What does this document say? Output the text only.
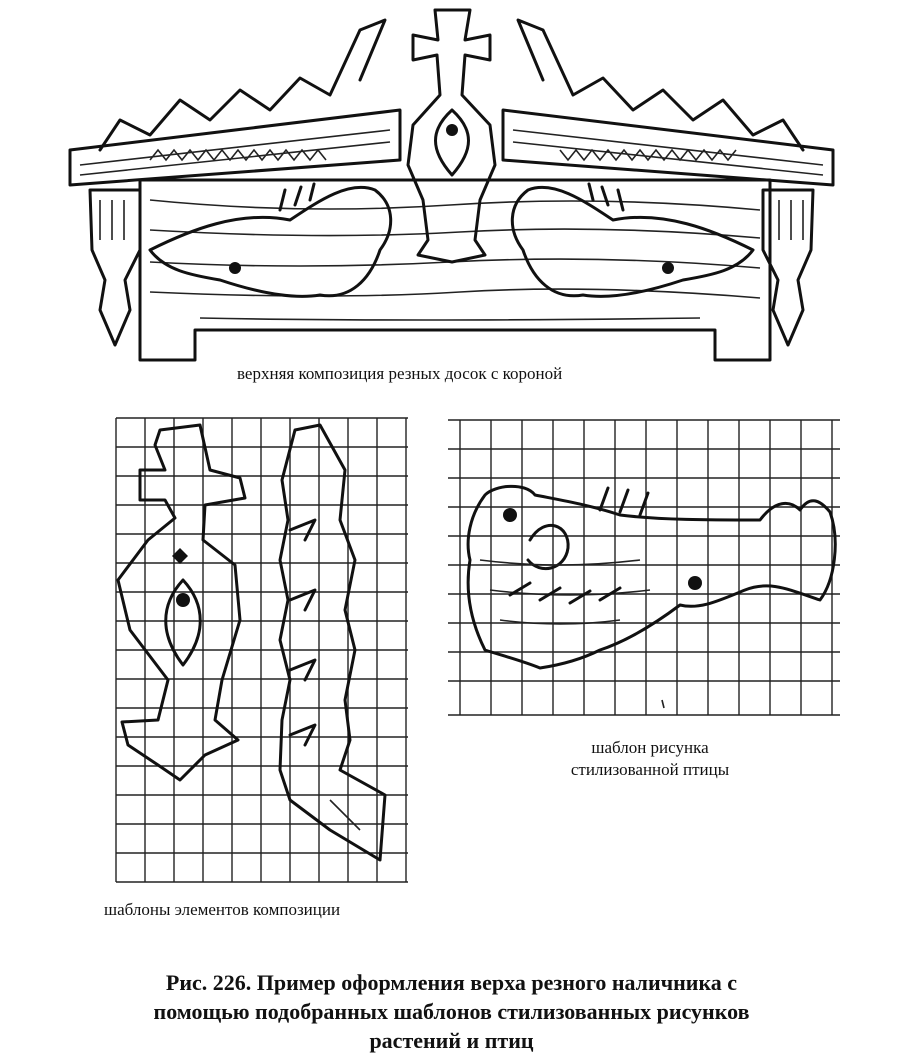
верхняя композиция резных досок с короной
шаблон рисунка
стилизованной птицы
шаблоны элементов композиции
Рис. 226. Пример оформления верха резного наличника с
помощью подобранных шаблонов стилизованных рисунков
растений и птиц
